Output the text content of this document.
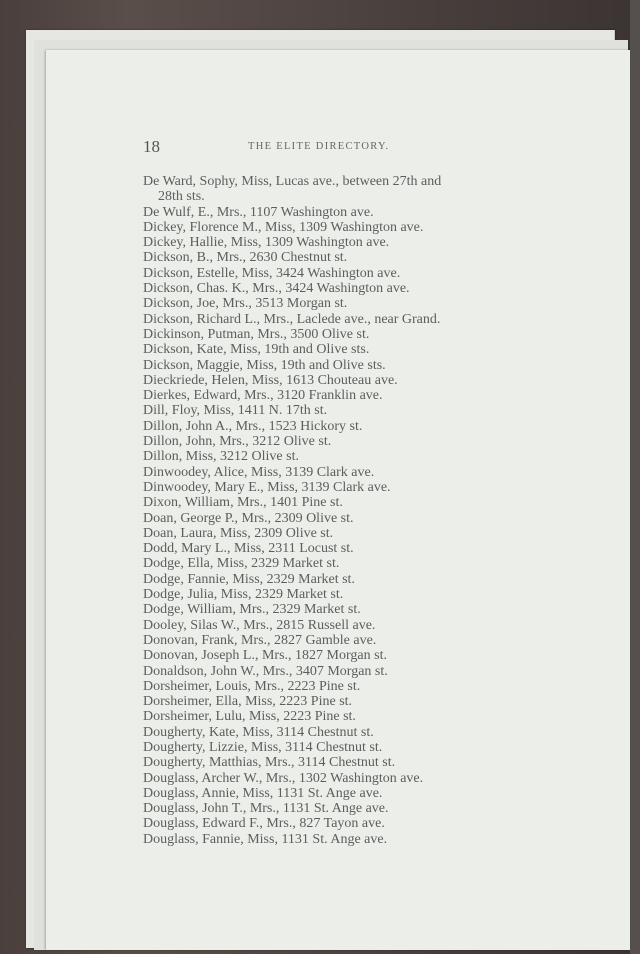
18	THE ELITE DIRECTORY.
De Ward, Sophy, Miss, Lucas ave., between 27th and
28th sts.
De Wulf, E., Mrs., 1107 Washington ave.
Dickey, Florence M., Miss, 1309 Washington ave.
Dickey, Hallie, Miss, 1309 Washington ave.
Dickson, B., Mrs., 2630 Chestnut st.
Dickson, Estelle, Miss, 3424 Washington ave.
Dickson, Chas. K., Mrs., 3424 Washington ave.
Dickson, Joe, Mrs., 3513 Morgan st.
Dickson, Richard L., Mrs., Laclede ave., near Grand.
Dickinson, Putman, Mrs., 3500 Olive st.
Dickson, Kate, Miss, 19th and Olive sts.
Dickson, Maggie, Miss, 19th and Olive sts.
Dieckriede, Helen, Miss, 1613 Chouteau ave.
Dierkes, Edward, Mrs., 3120 Franklin ave.
Dill, Floy, Miss, 1411 N. 17th st.
Dillon, John A., Mrs., 1523 Hickory st.
Dillon, John, Mrs., 3212 Olive st.
Dillon, Miss, 3212 Olive st.
Dinwoodey, Alice, Miss, 3139 Clark ave.
Dinwoodey, Mary E., Miss, 3139 Clark ave.
Dixon, William, Mrs., 1401 Pine st.
Doan, George P., Mrs., 2309 Olive st.
Doan, Laura, Miss, 2309 Olive st.
Dodd, Mary L., Miss, 2311 Locust st.
Dodge, Ella, Miss, 2329 Market st.
Dodge, Fannie, Miss, 2329 Market st.
Dodge, Julia, Miss, 2329 Market st.
Dodge, William, Mrs., 2329 Market st.
Dooley, Silas W., Mrs., 2815 Russell ave.
Donovan, Frank, Mrs., 2827 Gamble ave.
Donovan, Joseph L., Mrs., 1827 Morgan st.
Donaldson, John W., Mrs., 3407 Morgan st.
Dorsheimer, Louis, Mrs., 2223 Pine st.
Dorsheimer, Ella, Miss, 2223 Pine st.
Dorsheimer, Lulu, Miss, 2223 Pine st.
Dougherty, Kate, Miss, 3114 Chestnut st.
Dougherty, Lizzie, Miss, 3114 Chestnut st.
Dougherty, Matthias, Mrs., 3114 Chestnut st.
Douglass, Archer W., Mrs., 1302 Washington ave.
Douglass, Annie, Miss, 1131 St. Ange ave.
Douglass, John T., Mrs., 1131 St. Ange ave.
Douglass, Edward F., Mrs., 827 Tayon ave.
Douglass, Fannie, Miss, 1131 St. Ange ave.
